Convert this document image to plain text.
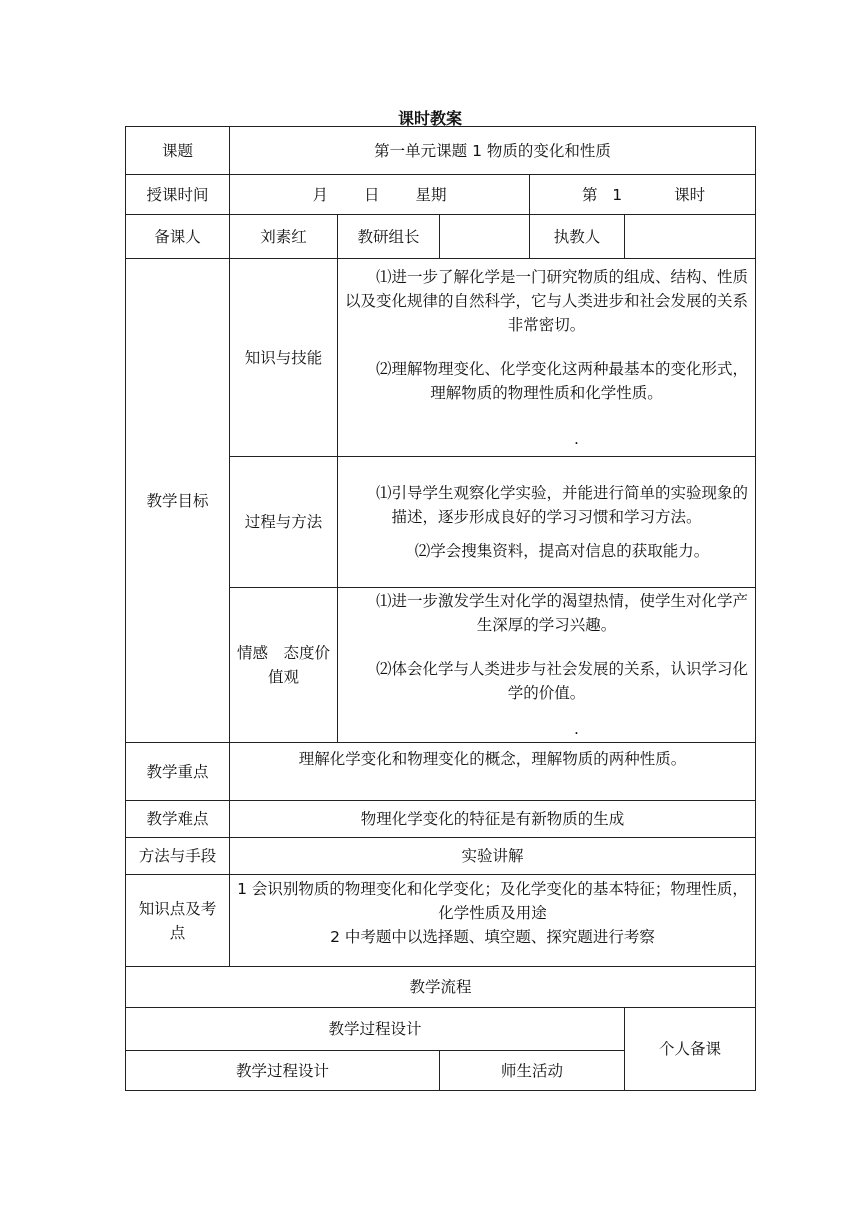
课时教案
课题	第一单元课题 1 物质的变化和性质				
授课时间	月 日 星期			第 1 课时	
备课人	刘素红	教研组长		执教人	
教学目标	知识与技能	⑴进一步了解化学是一门研究物质的组成、结构、性质以及变化规律的自然科学，它与人类进步和社会发展的关系非常密切。

⑵理解物理变化、化学变化这两种最基本的变化形式，理解物质的物理性质和化学性质。

.			

	过程与方法	⑴引导学生观察化学实验，并能进行简单的实验现象的描述，逐步形成良好的学习习惯和学习方法。

⑵学会搜集资料，提高对信息的获取能力。			

	情感　态度价值观	⑴进一步激发学生对化学的渴望热情，使学生对化学产生深厚的学习兴趣。

⑵体会化学与人类进步与社会发展的关系，认识学习化学的价值。

.			

教学重点	理解化学变化和物理变化的概念，理解物质的两种性质。				
教学难点	物理化学变化的特征是有新物质的生成				
方法与手段	实验讲解				
知识点及考点	1 会识别物质的物理变化和化学变化；及化学变化的基本特征；物理性质，化学性质及用途
2 中考题中以选择题、填空题、探究题进行考察				

教学流程					
教学过程设计					个人备课
教学过程设计			师生活动		
